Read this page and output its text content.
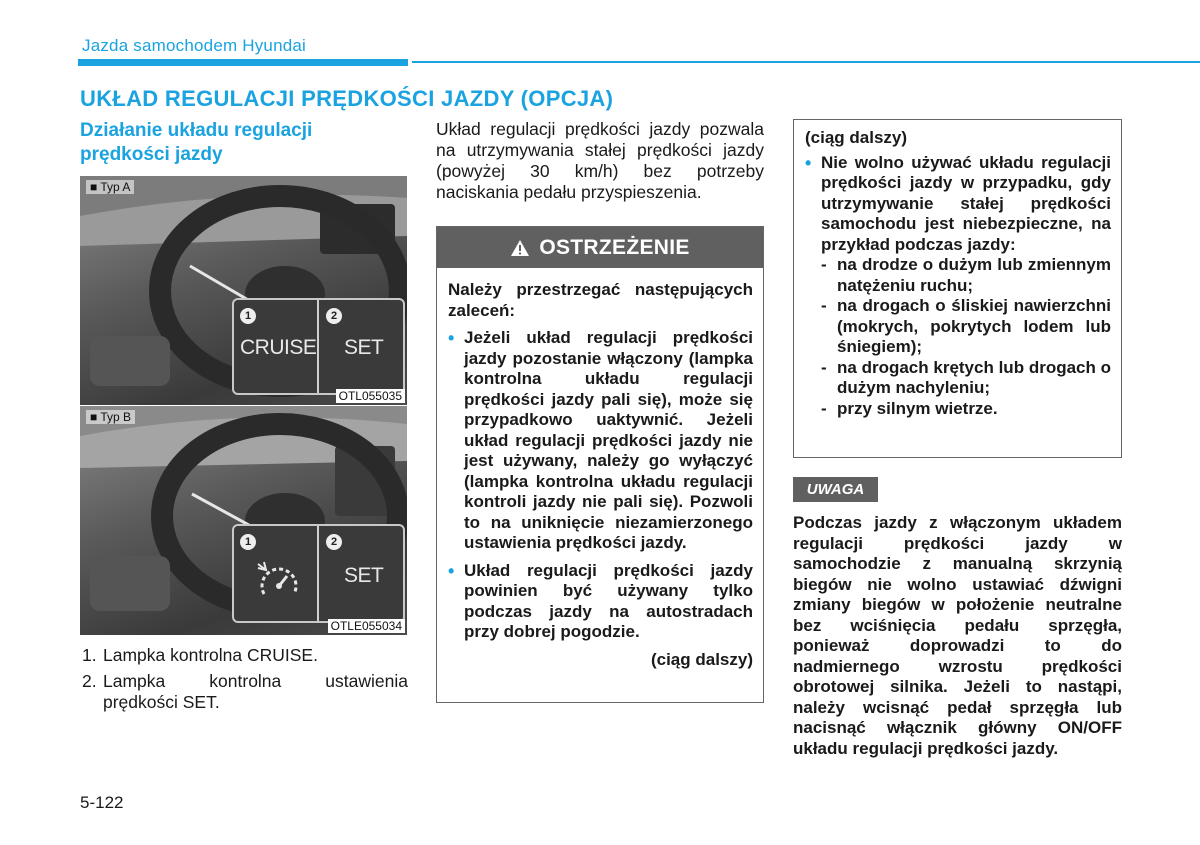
Jazda samochodem Hyundai
UKŁAD REGULACJI PRĘDKOŚCI JAZDY (OPCJA)
Działanie układu regulacji prędkości jazdy
■ Typ A
1	2
CRUISE SET
OTL055035
■ Typ B
1	2
SET
OTLE055034
1. Lampka kontrolna CRUISE.
2. Lampka kontrolna ustawienia prędkości SET.
Układ regulacji prędkości jazdy pozwala na utrzymywania stałej prędkości jazdy (powyżej 30 km/h) bez potrzeby naciskania pedału przyspieszenia.
OSTRZEŻENIE

Należy przestrzegać następujących zaleceń:

• Jeżeli układ regulacji prędkości jazdy pozostanie włączony (lampka kontrolna układu regulacji prędkości jazdy pali się), może się przypadkowo uaktywnić. Jeżeli układ regulacji prędkości jazdy nie jest używany, należy go wyłączyć (lampka kontrolna układu regulacji kontroli jazdy nie pali się). Pozwoli to na uniknięcie niezamierzonego ustawienia prędkości jazdy.
• Układ regulacji prędkości jazdy powinien być używany tylko podczas jazdy na autostradach przy dobrej pogodzie.
(ciąg dalszy)
(ciąg dalszy)
• Nie wolno używać układu regulacji prędkości jazdy w przypadku, gdy utrzymywanie stałej prędkości samochodu jest niebezpieczne, na przykład podczas jazdy:
- na drodze o dużym lub zmiennym natężeniu ruchu;
- na drogach o śliskiej nawierzchni (mokrych, pokrytych lodem lub śniegiem);
- na drogach krętych lub drogach o dużym nachyleniu;
- przy silnym wietrze.
UWAGA
Podczas jazdy z włączonym układem regulacji prędkości jazdy w samochodzie z manualną skrzynią biegów nie wolno ustawiać dźwigni zmiany biegów w położenie neutralne bez wciśnięcia pedału sprzęgła, ponieważ doprowadzi to do nadmiernego wzrostu prędkości obrotowej silnika. Jeżeli to nastąpi, należy wcisnąć pedał sprzęgła lub nacisnąć włącznik główny ON/OFF układu regulacji prędkości jazdy.
5-122
